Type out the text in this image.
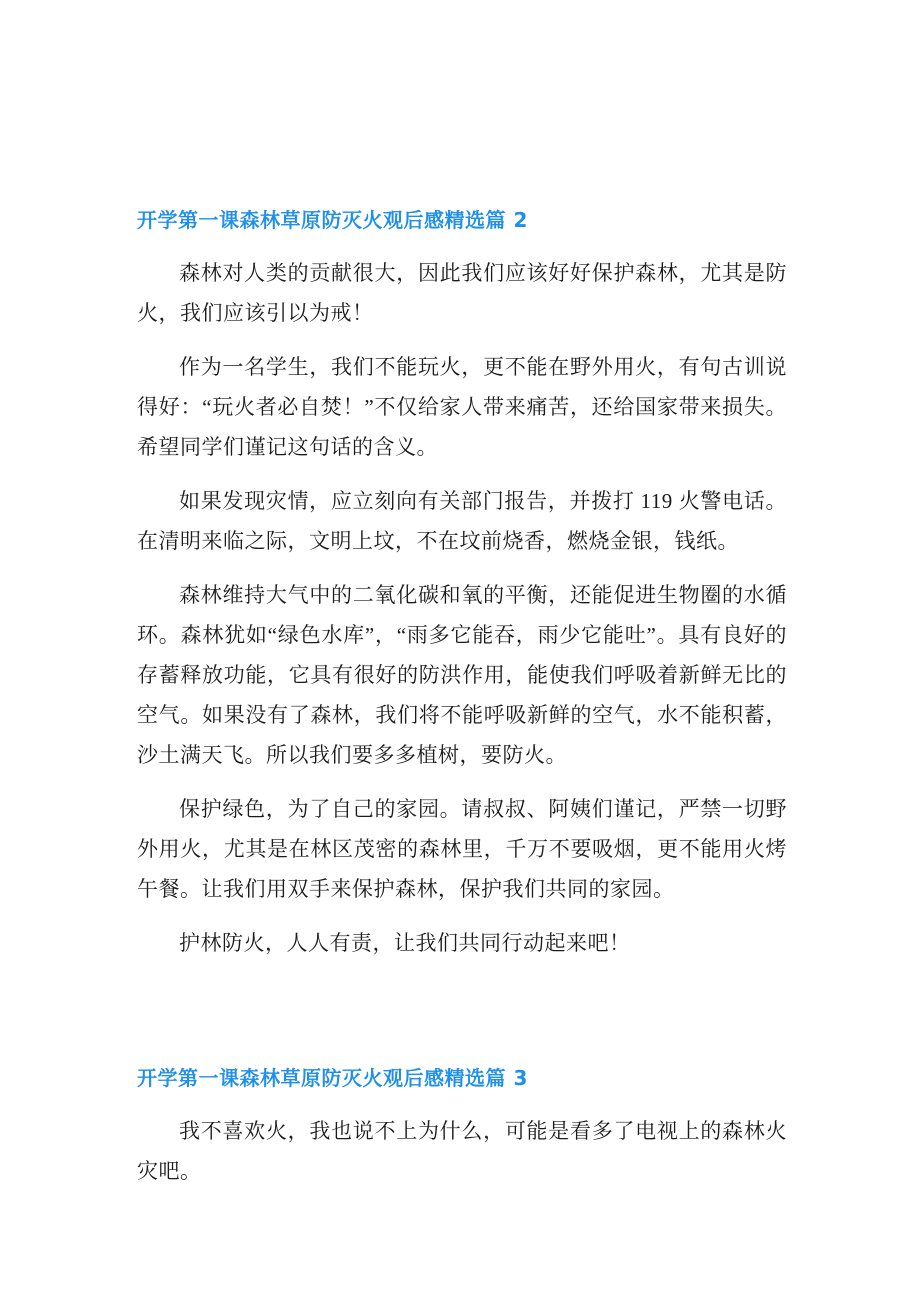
开学第一课森林草原防灭火观后感精选篇 2

森林对人类的贡献很大，因此我们应该好好保护森林，尤其是防火，我们应该引以为戒！

作为一名学生，我们不能玩火，更不能在野外用火，有句古训说得好：“玩火者必自焚！”不仅给家人带来痛苦，还给国家带来损失。希望同学们谨记这句话的含义。

如果发现灾情，应立刻向有关部门报告，并拨打 119 火警电话。在清明来临之际，文明上坟，不在坟前烧香，燃烧金银，钱纸。

森林维持大气中的二氧化碳和氧的平衡，还能促进生物圈的水循环。森林犹如“绿色水库”，“雨多它能吞，雨少它能吐”。具有良好的存蓄释放功能，它具有很好的防洪作用，能使我们呼吸着新鲜无比的空气。如果没有了森林，我们将不能呼吸新鲜的空气，水不能积蓄，沙土满天飞。所以我们要多多植树，要防火。

保护绿色，为了自己的家园。请叔叔、阿姨们谨记，严禁一切野外用火，尤其是在林区茂密的森林里，千万不要吸烟，更不能用火烤午餐。让我们用双手来保护森林，保护我们共同的家园。

护林防火，人人有责，让我们共同行动起来吧！

开学第一课森林草原防灭火观后感精选篇 3

我不喜欢火，我也说不上为什么，可能是看多了电视上的森林火灾吧。
